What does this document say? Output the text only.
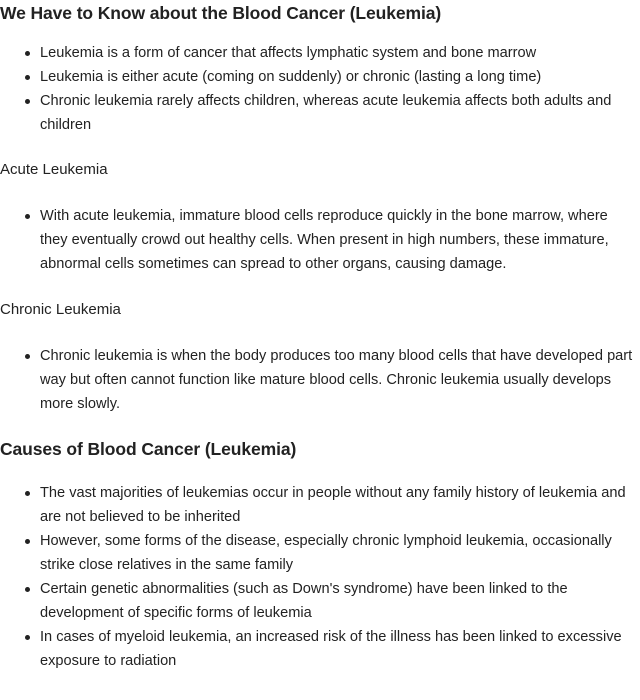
We Have to Know about the Blood Cancer (Leukemia)
Leukemia is a form of cancer that affects lymphatic system and bone marrow
Leukemia is either acute (coming on suddenly) or chronic (lasting a long time)
Chronic leukemia rarely affects children, whereas acute leukemia affects both adults and children
Acute Leukemia
With acute leukemia, immature blood cells reproduce quickly in the bone marrow, where they eventually crowd out healthy cells. When present in high numbers, these immature, abnormal cells sometimes can spread to other organs, causing damage.
Chronic Leukemia
Chronic leukemia is when the body produces too many blood cells that have developed part way but often cannot function like mature blood cells. Chronic leukemia usually develops more slowly.
Causes of Blood Cancer (Leukemia)
The vast majorities of leukemias occur in people without any family history of leukemia and are not believed to be inherited
However, some forms of the disease, especially chronic lymphoid leukemia, occasionally strike close relatives in the same family
Certain genetic abnormalities (such as Down's syndrome) have been linked to the development of specific forms of leukemia
In cases of myeloid leukemia, an increased risk of the illness has been linked to excessive exposure to radiation
